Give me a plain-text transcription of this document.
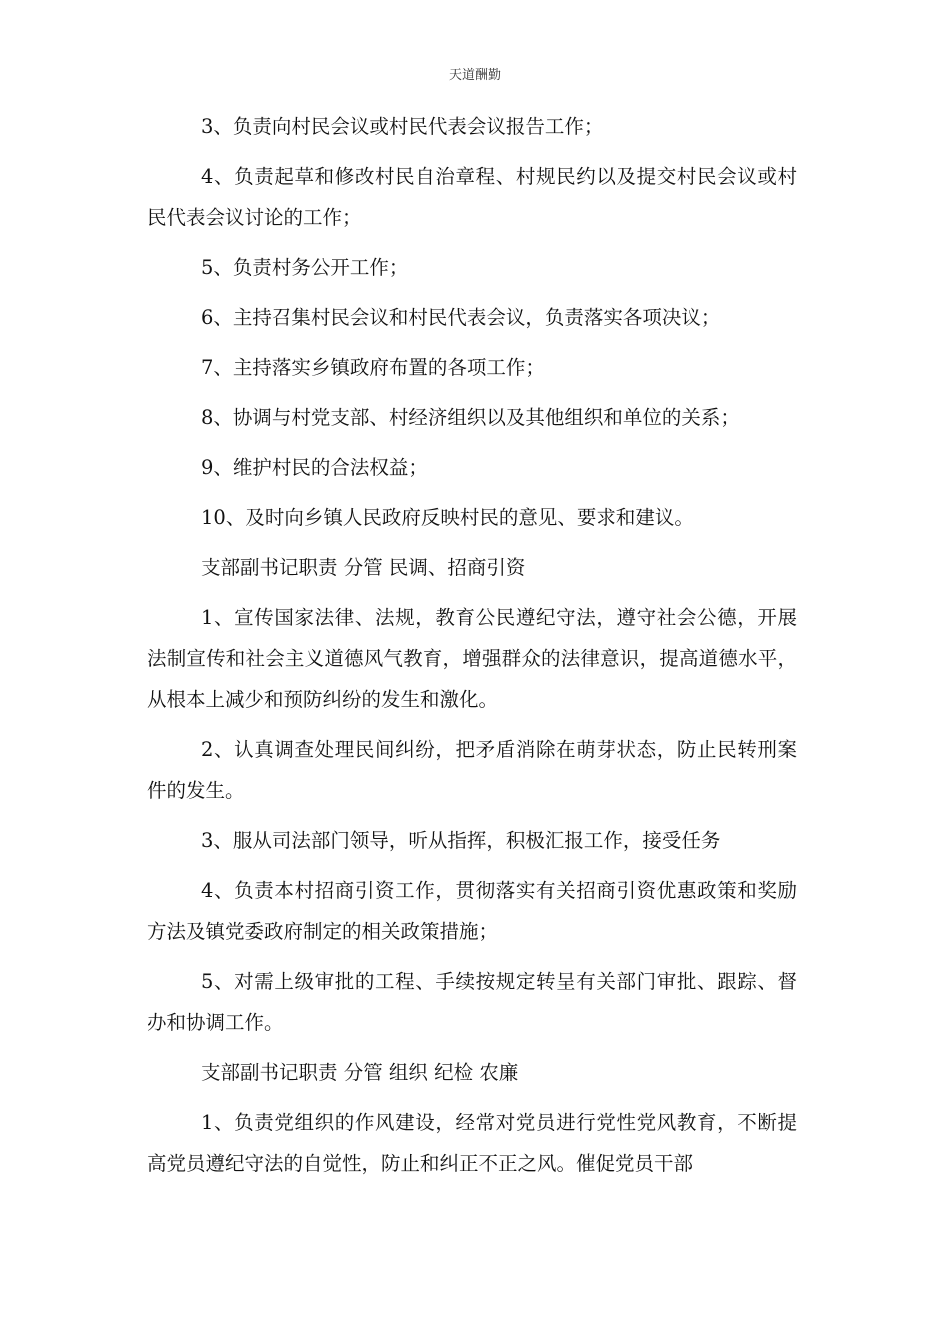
天道酬勤

3、负责向村民会议或村民代表会议报告工作；

4、负责起草和修改村民自治章程、村规民约以及提交村民会议或村民代表会议讨论的工作；

5、负责村务公开工作；

6、主持召集村民会议和村民代表会议，负责落实各项决议；

7、主持落实乡镇政府布置的各项工作；

8、协调与村党支部、村经济组织以及其他组织和单位的关系；

9、维护村民的合法权益；

10、及时向乡镇人民政府反映村民的意见、要求和建议。

支部副书记职责 分管 民调、招商引资

1、宣传国家法律、法规，教育公民遵纪守法，遵守社会公德，开展法制宣传和社会主义道德风气教育，增强群众的法律意识，提高道德水平，从根本上减少和预防纠纷的发生和激化。

2、认真调查处理民间纠纷，把矛盾消除在萌芽状态，防止民转刑案件的发生。

3、服从司法部门领导，听从指挥，积极汇报工作，接受任务

4、负责本村招商引资工作，贯彻落实有关招商引资优惠政策和奖励方法及镇党委政府制定的相关政策措施；

5、对需上级审批的工程、手续按规定转呈有关部门审批、跟踪、督办和协调工作。

支部副书记职责 分管 组织 纪检 农廉

1、负责党组织的作风建设，经常对党员进行党性党风教育，不断提高党员遵纪守法的自觉性，防止和纠正不正之风。催促党员干部
